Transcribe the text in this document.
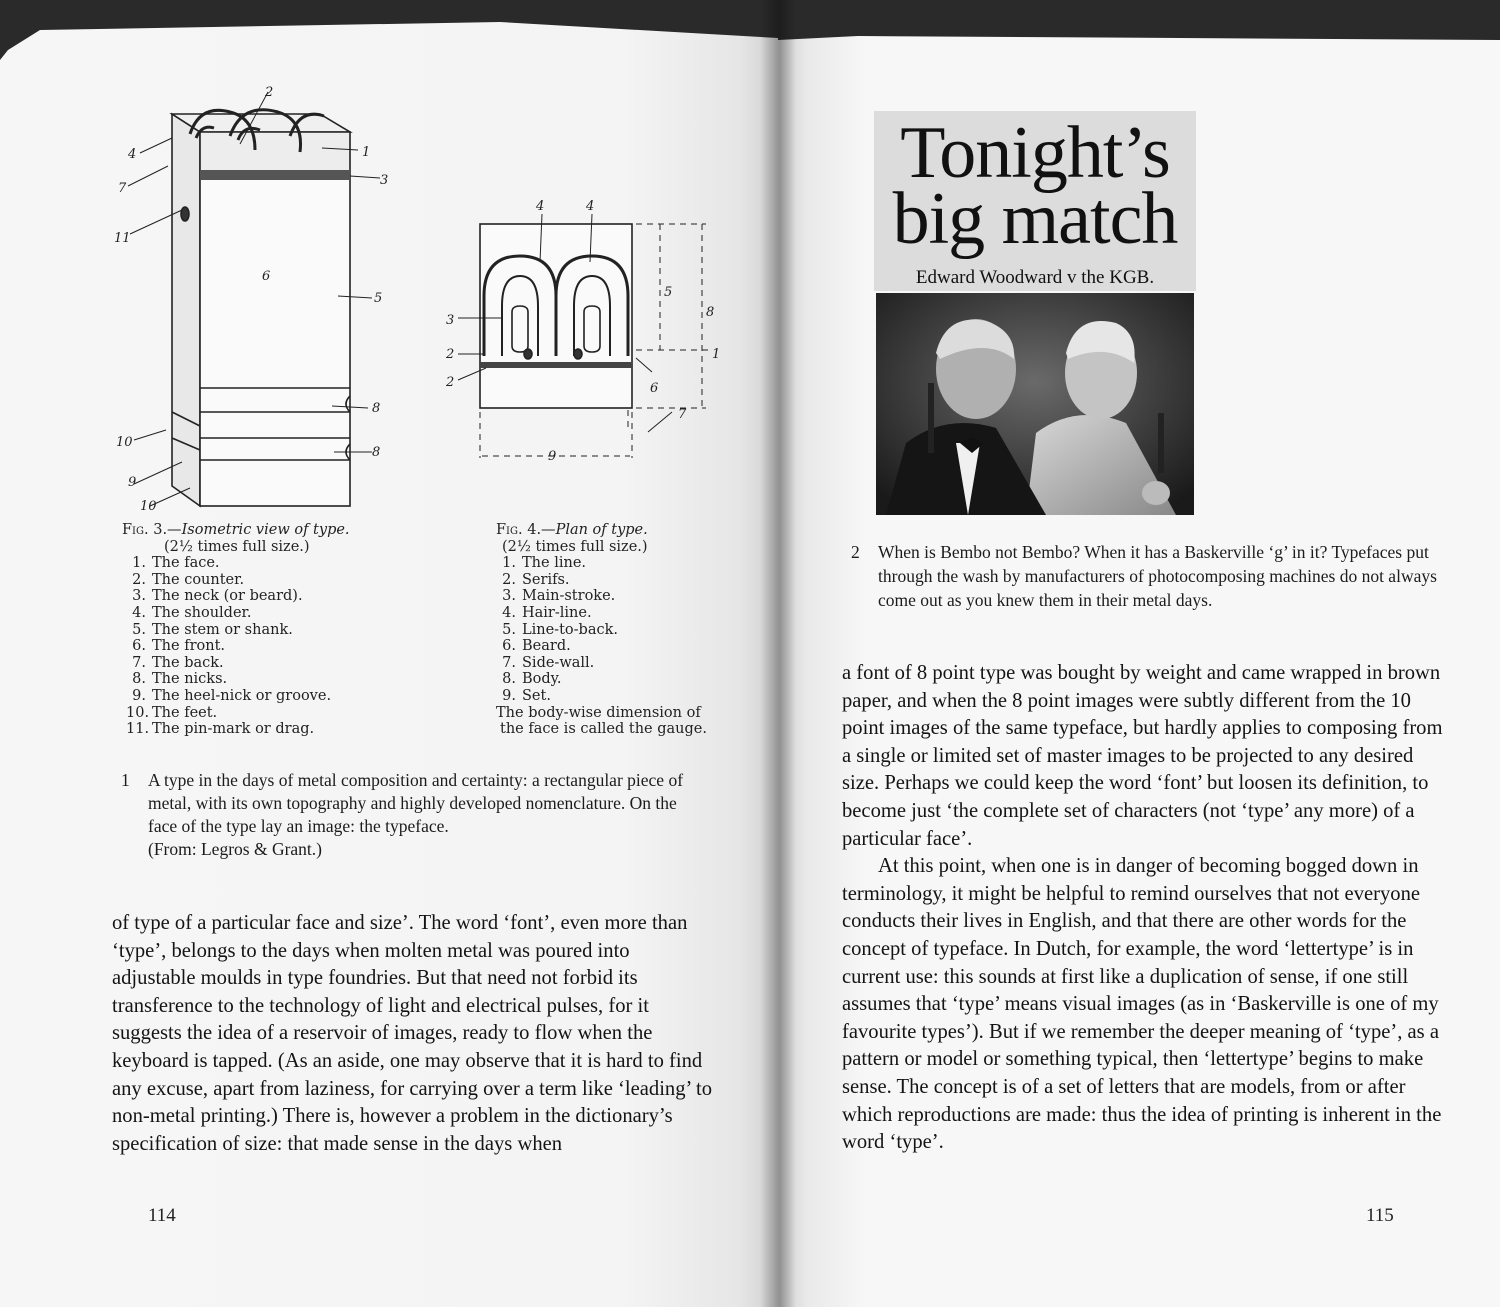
2
4	1
3
7
11
6
5
8
8
10
9
10
Fig. 3.—Isometric view of type.
(2½ times full size.)
1. The face.
2. The counter.
3. The neck (or beard).
4. The shoulder.
5. The stem or shank.
6. The front.
7. The back.
8. The nicks.
9. The heel-nick or groove.
10. The feet.
11. The pin-mark or drag.
4	4
3
5
8
2	1
2	6
7
9
Fig. 4.—Plan of type.
(2½ times full size.)
1. The line.
2. Serifs.
3. Main-stroke.
4. Hair-line.
5. Line-to-back.
6. Beard.
7. Side-wall.
8. Body.
9. Set.
The body-wise dimension of
the face is called the gauge.
1 A type in the days of metal composition and certainty: a rectangular piece of metal, with its own topography and highly developed nomenclature. On the face of the type lay an image: the typeface.
(From: Legros & Grant.)

of type of a particular face and size’. The word ‘font’, even more than ‘type’, belongs to the days when molten metal was poured into adjustable moulds in type foundries. But that need not forbid its transference to the technology of light and electrical pulses, for it suggests the idea of a reservoir of images, ready to flow when the keyboard is tapped. (As an aside, one may observe that it is hard to find any excuse, apart from laziness, for carrying over a term like ‘leading’ to non-metal printing.) There is, however a problem in the dictionary’s specification of size: that made sense in the days when

114
Tonight’s
big match
Edward Woodward v the KGB.
2 When is Bembo not Bembo? When it has a Baskerville ‘g’ in it? Typefaces put through the wash by manufacturers of photocomposing machines do not always come out as you knew them in their metal days.

a font of 8 point type was bought by weight and came wrapped in brown paper, and when the 8 point images were subtly different from the 10 point images of the same typeface, but hardly applies to composing from a single or limited set of master images to be projected to any desired size. Perhaps we could keep the word ‘font’ but loosen its definition, to become just ‘the complete set of characters (not ‘type’ any more) of a particular face’.

At this point, when one is in danger of becoming bogged down in terminology, it might be helpful to remind ourselves that not everyone conducts their lives in English, and that there are other words for the concept of typeface. In Dutch, for example, the word ‘lettertype’ is in current use: this sounds at first like a duplication of sense, if one still assumes that ‘type’ means visual images (as in ‘Baskerville is one of my favourite types’). But if we remember the deeper meaning of ‘type’, as a pattern or model or something typical, then ‘lettertype’ begins to make sense. The concept is of a set of letters that are models, from or after which reproductions are made: thus the idea of printing is inherent in the word ‘type’.

115
